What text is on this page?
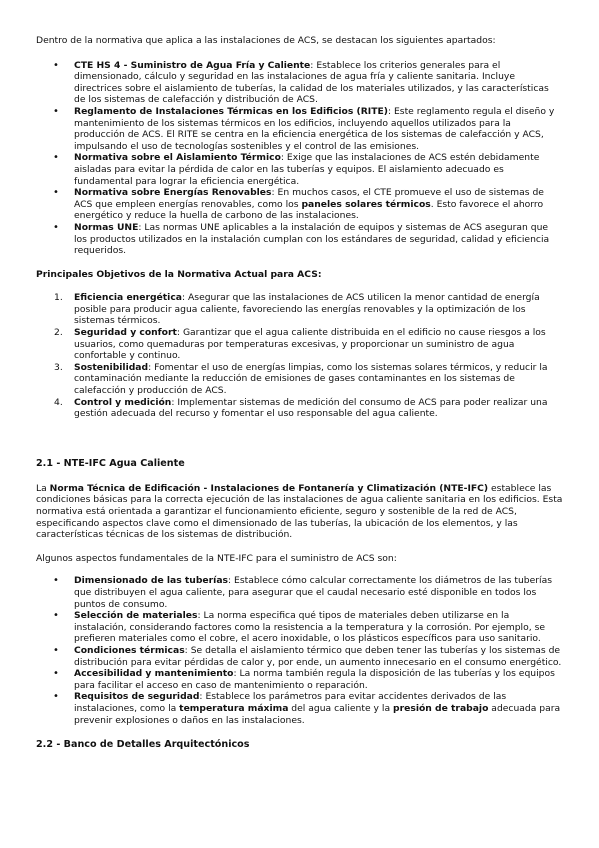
Dentro de la normativa que aplica a las instalaciones de ACS, se destacan los siguientes apartados:

• CTE HS 4 - Suministro de Agua Fría y Caliente: Establece los criterios generales para el dimensionado, cálculo y seguridad en las instalaciones de agua fría y caliente sanitaria. Incluye directrices sobre el aislamiento de tuberías, la calidad de los materiales utilizados, y las características de los sistemas de calefacción y distribución de ACS.
• Reglamento de Instalaciones Térmicas en los Edificios (RITE): Este reglamento regula el diseño y mantenimiento de los sistemas térmicos en los edificios, incluyendo aquellos utilizados para la producción de ACS. El RITE se centra en la eficiencia energética de los sistemas de calefacción y ACS, impulsando el uso de tecnologías sostenibles y el control de las emisiones.
• Normativa sobre el Aislamiento Térmico: Exige que las instalaciones de ACS estén debidamente aisladas para evitar la pérdida de calor en las tuberías y equipos. El aislamiento adecuado es fundamental para lograr la eficiencia energética.
• Normativa sobre Energías Renovables: En muchos casos, el CTE promueve el uso de sistemas de ACS que empleen energías renovables, como los paneles solares térmicos. Esto favorece el ahorro energético y reduce la huella de carbono de las instalaciones.
• Normas UNE: Las normas UNE aplicables a la instalación de equipos y sistemas de ACS aseguran que los productos utilizados en la instalación cumplan con los estándares de seguridad, calidad y eficiencia requeridos.

Principales Objetivos de la Normativa Actual para ACS:

1. Eficiencia energética: Asegurar que las instalaciones de ACS utilicen la menor cantidad de energía posible para producir agua caliente, favoreciendo las energías renovables y la optimización de los sistemas térmicos.
2. Seguridad y confort: Garantizar que el agua caliente distribuida en el edificio no cause riesgos a los usuarios, como quemaduras por temperaturas excesivas, y proporcionar un suministro de agua confortable y continuo.
3. Sostenibilidad: Fomentar el uso de energías limpias, como los sistemas solares térmicos, y reducir la contaminación mediante la reducción de emisiones de gases contaminantes en los sistemas de calefacción y producción de ACS.
4. Control y medición: Implementar sistemas de medición del consumo de ACS para poder realizar una gestión adecuada del recurso y fomentar el uso responsable del agua caliente.

2.1 - NTE-IFC Agua Caliente

La Norma Técnica de Edificación - Instalaciones de Fontanería y Climatización (NTE-IFC) establece las condiciones básicas para la correcta ejecución de las instalaciones de agua caliente sanitaria en los edificios. Esta normativa está orientada a garantizar el funcionamiento eficiente, seguro y sostenible de la red de ACS, especificando aspectos clave como el dimensionado de las tuberías, la ubicación de los elementos, y las características técnicas de los sistemas de distribución.

Algunos aspectos fundamentales de la NTE-IFC para el suministro de ACS son:

• Dimensionado de las tuberías: Establece cómo calcular correctamente los diámetros de las tuberías que distribuyen el agua caliente, para asegurar que el caudal necesario esté disponible en todos los puntos de consumo.
• Selección de materiales: La norma especifica qué tipos de materiales deben utilizarse en la instalación, considerando factores como la resistencia a la temperatura y la corrosión. Por ejemplo, se prefieren materiales como el cobre, el acero inoxidable, o los plásticos específicos para uso sanitario.
• Condiciones térmicas: Se detalla el aislamiento térmico que deben tener las tuberías y los sistemas de distribución para evitar pérdidas de calor y, por ende, un aumento innecesario en el consumo energético.
• Accesibilidad y mantenimiento: La norma también regula la disposición de las tuberías y los equipos para facilitar el acceso en caso de mantenimiento o reparación.
• Requisitos de seguridad: Establece los parámetros para evitar accidentes derivados de las instalaciones, como la temperatura máxima del agua caliente y la presión de trabajo adecuada para prevenir explosiones o daños en las instalaciones.

2.2 - Banco de Detalles Arquitectónicos
